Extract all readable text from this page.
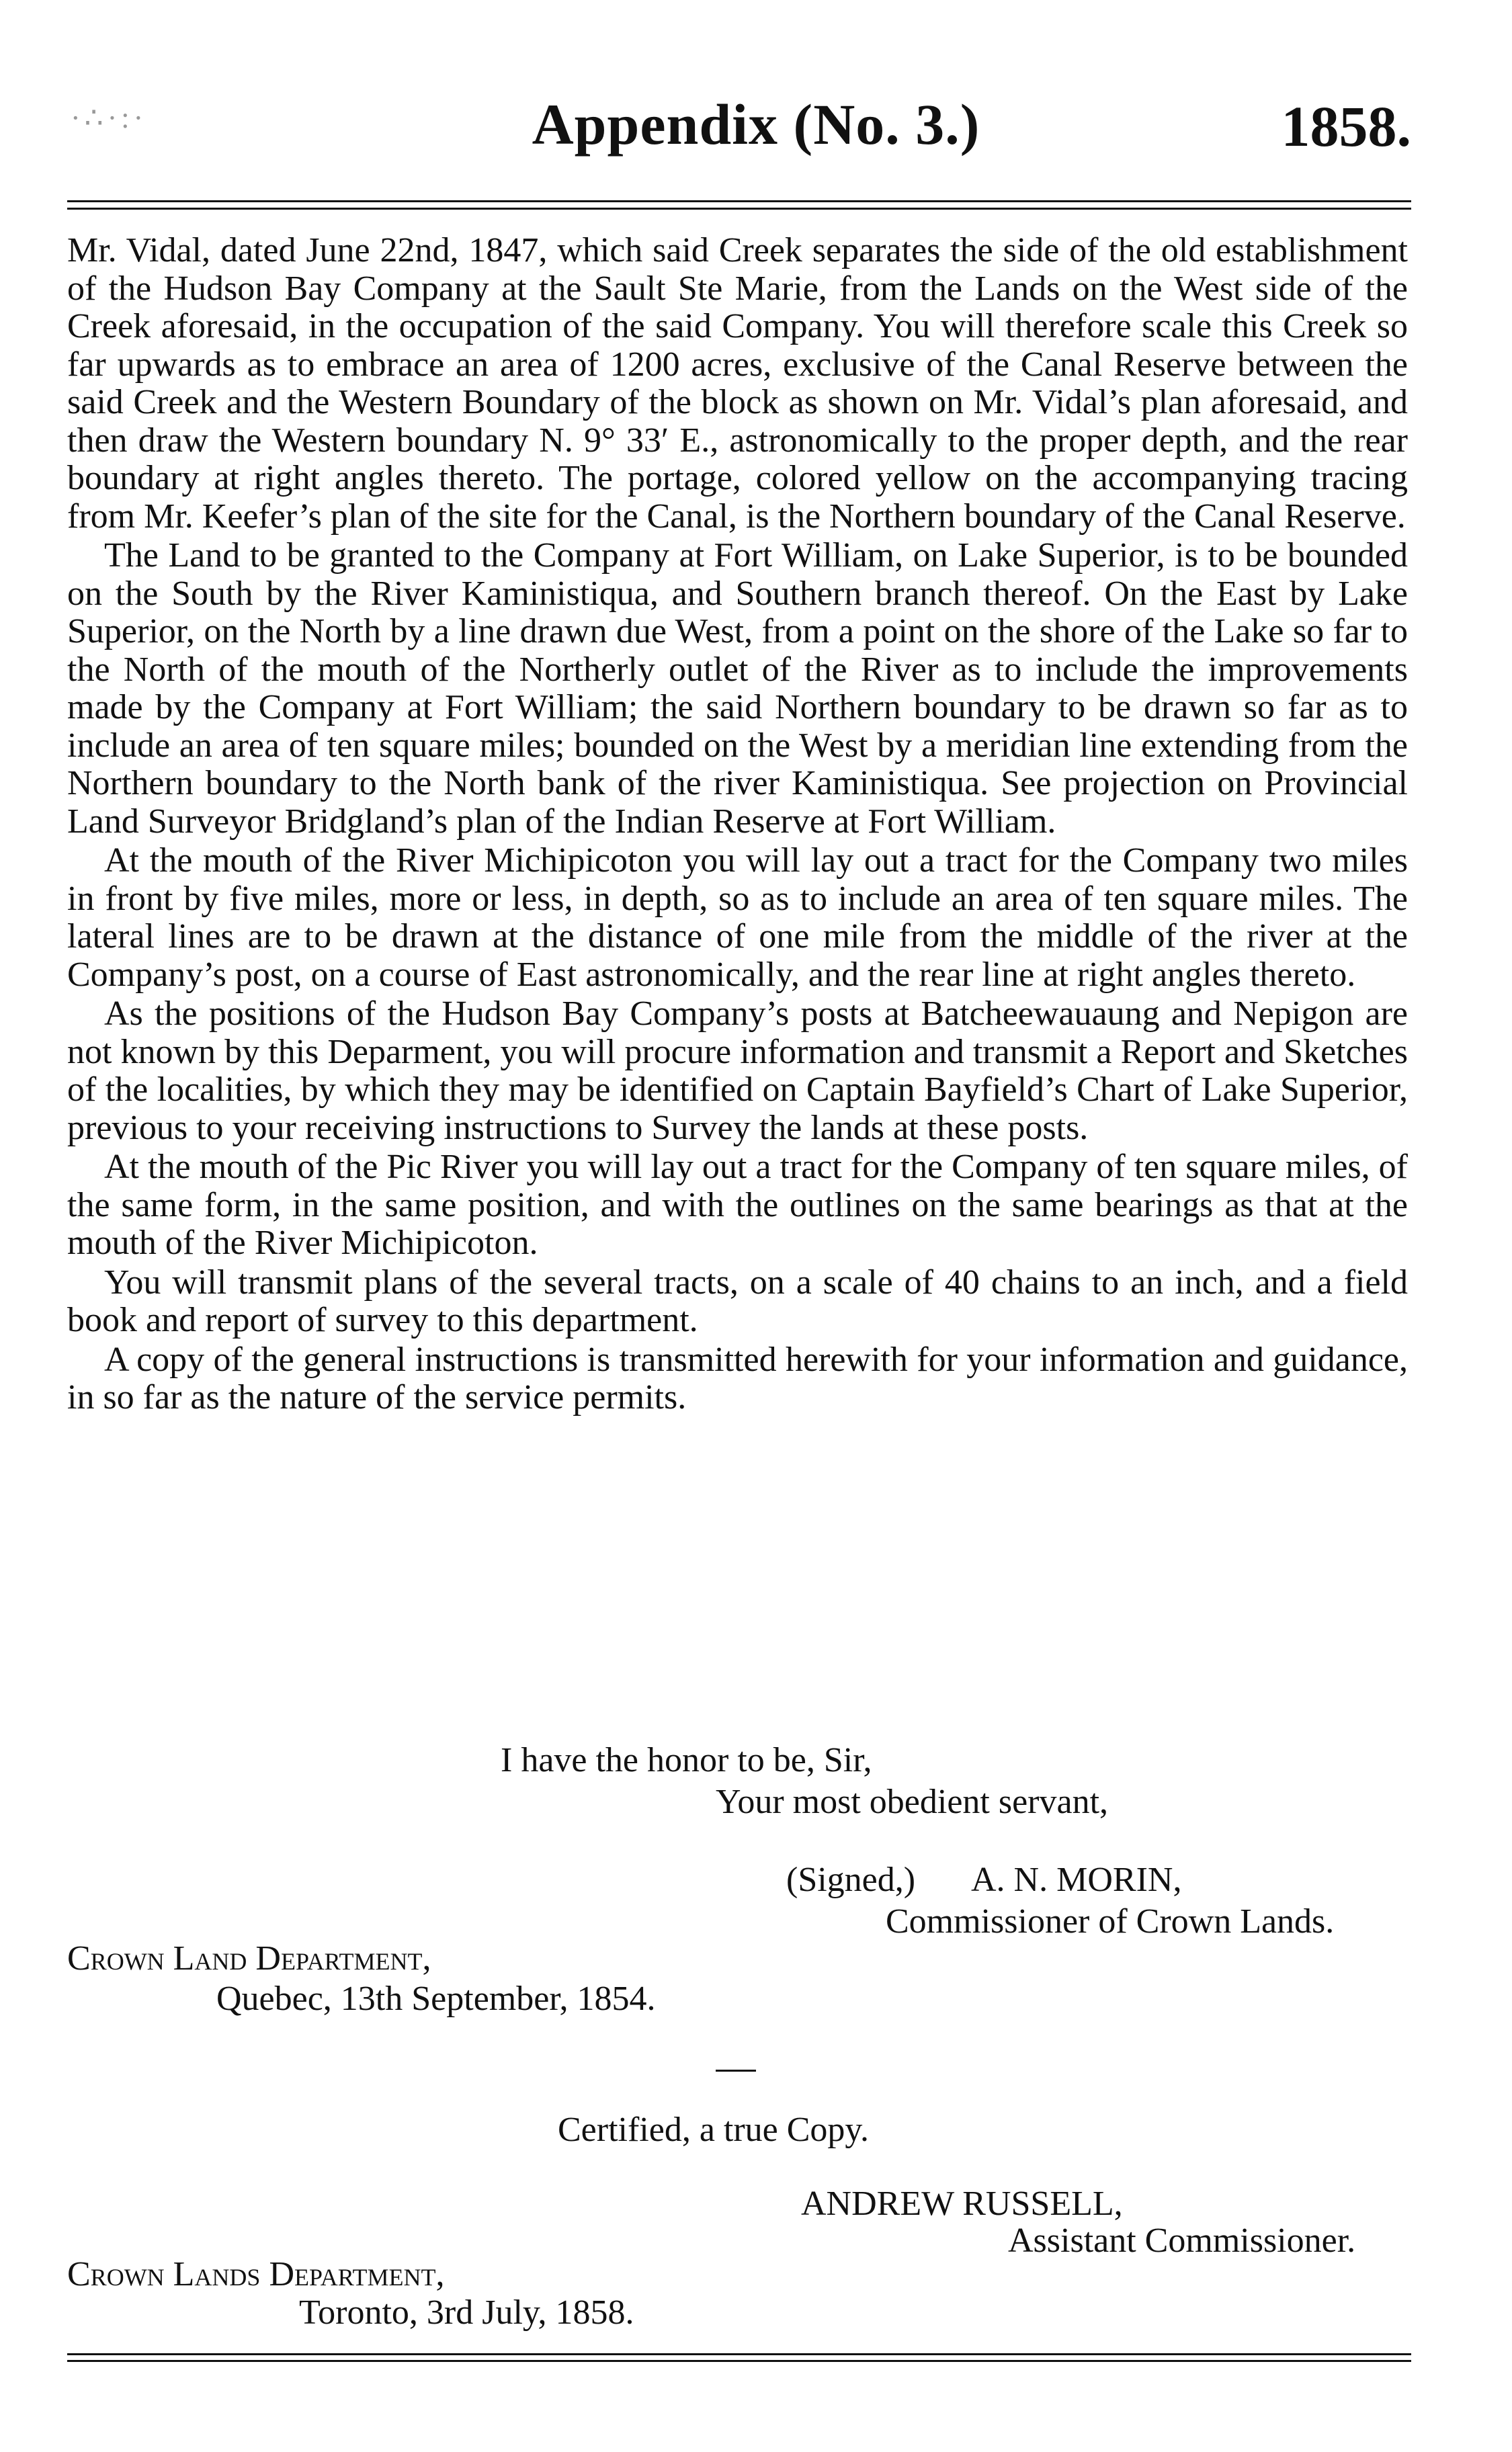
·∴·:·	Appendix (No. 3.)	1858.

Mr. Vidal, dated June 22nd, 1847, which said Creek separates the side of the old establishment of the Hudson Bay Company at the Sault Ste Marie, from the Lands on the West side of the Creek aforesaid, in the occupation of the said Company. You will therefore scale this Creek so far upwards as to embrace an area of 1200 acres, exclusive of the Canal Reserve between the said Creek and the Western Boundary of the block as shown on Mr. Vidal’s plan aforesaid, and then draw the Western boundary N. 9° 33′ E., astronomically to the proper depth, and the rear boundary at right angles thereto. The portage, colored yellow on the accompanying tracing from Mr. Keefer’s plan of the site for the Canal, is the Northern boundary of the Canal Reserve.

The Land to be granted to the Company at Fort William, on Lake Superior, is to be bounded on the South by the River Kaministiqua, and Southern branch thereof. On the East by Lake Superior, on the North by a line drawn due West, from a point on the shore of the Lake so far to the North of the mouth of the Northerly outlet of the River as to include the improvements made by the Company at Fort William; the said Northern boundary to be drawn so far as to include an area of ten square miles; bounded on the West by a meridian line extending from the Northern boundary to the North bank of the river Kaministiqua. See projection on Provincial Land Surveyor Bridgland’s plan of the Indian Reserve at Fort William.

At the mouth of the River Michipicoton you will lay out a tract for the Company two miles in front by five miles, more or less, in depth, so as to include an area of ten square miles. The lateral lines are to be drawn at the distance of one mile from the middle of the river at the Company’s post, on a course of East astronomically, and the rear line at right angles thereto.

As the positions of the Hudson Bay Company’s posts at Batcheewauaung and Nepigon are not known by this Deparment, you will procure information and transmit a Report and Sketches of the localities, by which they may be identified on Captain Bayfield’s Chart of Lake Superior, previous to your receiving instructions to Survey the lands at these posts.

At the mouth of the Pic River you will lay out a tract for the Company of ten square miles, of the same form, in the same position, and with the outlines on the same bearings as that at the mouth of the River Michipicoton.

You will transmit plans of the several tracts, on a scale of 40 chains to an inch, and a field book and report of survey to this department.

A copy of the general instructions is transmitted herewith for your information and guidance, in so far as the nature of the service permits.

I have the honor to be, Sir,
Your most obedient servant,
(Signed,) A. N. MORIN,
Commissioner of Crown Lands.
Crown Land Department,
Quebec, 13th September, 1854.
Certified, a true Copy.
ANDREW RUSSELL,
Assistant Commissioner.
Crown Lands Department,
Toronto, 3rd July, 1858.
